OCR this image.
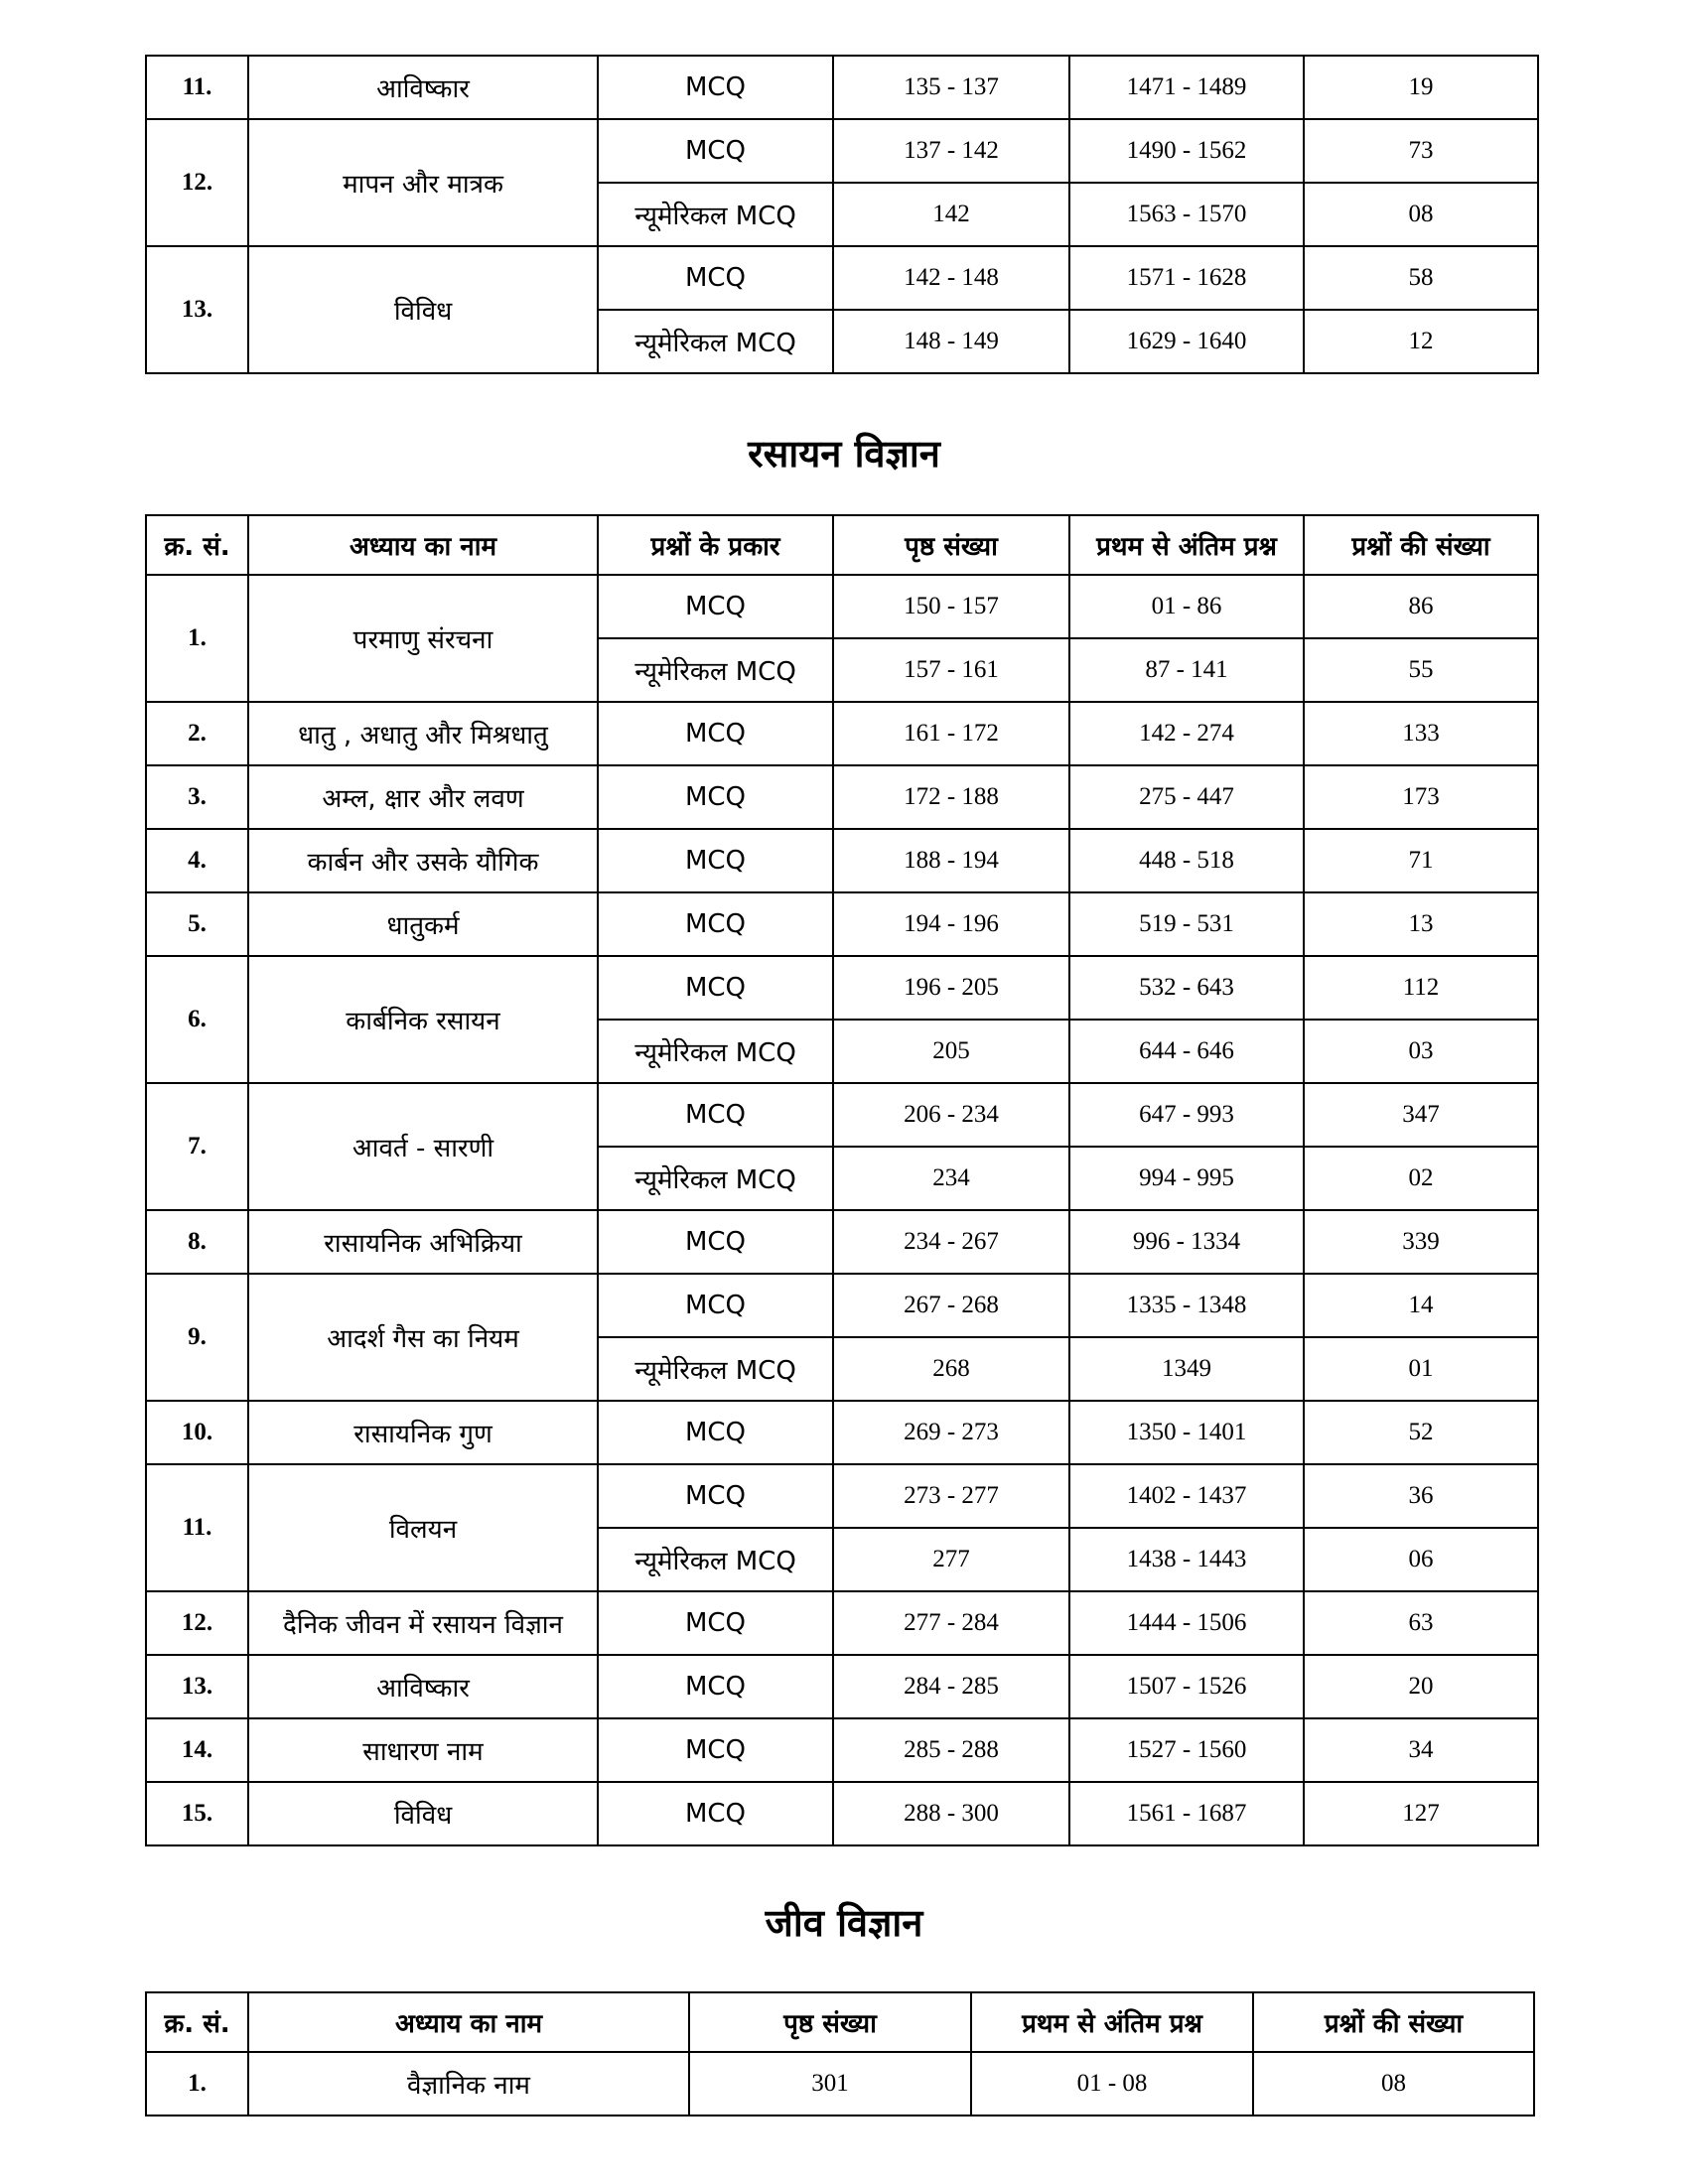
11.	आविष्कार	MCQ	135 - 137	1471 - 1489	19
12.	मापन और मात्रक	MCQ	137 - 142	1490 - 1562	73
		न्यूमेरिकल MCQ	142	1563 - 1570	08
13.	विविध	MCQ	142 - 148	1571 - 1628	58
		न्यूमेरिकल MCQ	148 - 149	1629 - 1640	12
रसायन विज्ञान
क्र. सं.	अध्याय का नाम	प्रश्नों के प्रकार	पृष्ठ संख्या	प्रथम से अंतिम प्रश्न	प्रश्नों की संख्या
1.	परमाणु संरचना	MCQ	150 - 157	01 - 86	86
		न्यूमेरिकल MCQ	157 - 161	87 - 141	55
2.	धातु , अधातु और मिश्रधातु	MCQ	161 - 172	142 - 274	133
3.	अम्ल, क्षार और लवण	MCQ	172 - 188	275 - 447	173
4.	कार्बन और उसके यौगिक	MCQ	188 - 194	448 - 518	71
5.	धातुकर्म	MCQ	194 - 196	519 - 531	13
6.	कार्बनिक रसायन	MCQ	196 - 205	532 - 643	112
		न्यूमेरिकल MCQ	205	644 - 646	03
7.	आवर्त - सारणी	MCQ	206 - 234	647 - 993	347
		न्यूमेरिकल MCQ	234	994 - 995	02
8.	रासायनिक अभिक्रिया	MCQ	234 - 267	996 - 1334	339
9.	आदर्श गैस का नियम	MCQ	267 - 268	1335 - 1348	14
		न्यूमेरिकल MCQ	268	1349	01
10.	रासायनिक गुण	MCQ	269 - 273	1350 - 1401	52
11.	विलयन	MCQ	273 - 277	1402 - 1437	36
		न्यूमेरिकल MCQ	277	1438 - 1443	06
12.	दैनिक जीवन में रसायन विज्ञान	MCQ	277 - 284	1444 - 1506	63
13.	आविष्कार	MCQ	284 - 285	1507 - 1526	20
14.	साधारण नाम	MCQ	285 - 288	1527 - 1560	34
15.	विविध	MCQ	288 - 300	1561 - 1687	127
जीव विज्ञान
क्र. सं.	अध्याय का नाम	पृष्ठ संख्या	प्रथम से अंतिम प्रश्न	प्रश्नों की संख्या
1.	वैज्ञानिक नाम	301	01 - 08	08
